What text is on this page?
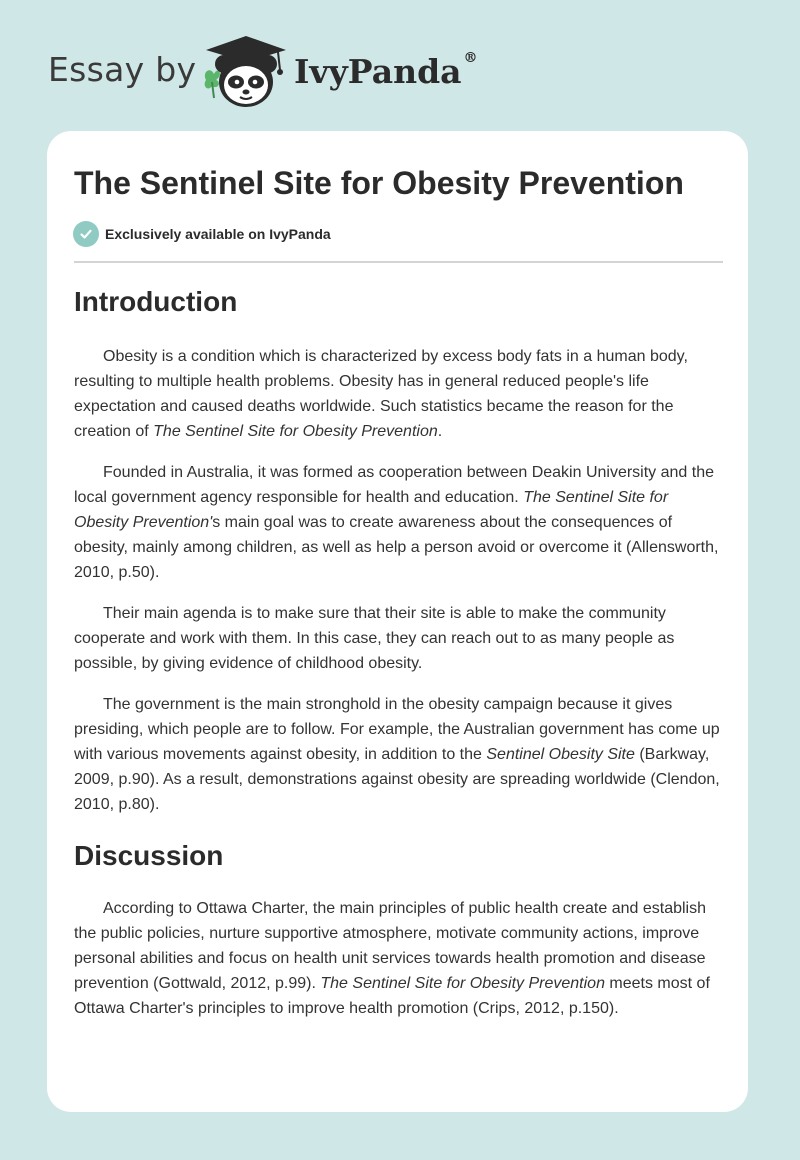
Essay by	IvyPanda ®
The Sentinel Site for Obesity Prevention
Exclusively available on IvyPanda
Introduction

Obesity is a condition which is characterized by excess body fats in a human body, resulting to multiple health problems. Obesity has in general reduced people's life expectation and caused deaths worldwide. Such statistics became the reason for the creation of The Sentinel Site for Obesity Prevention.

Founded in Australia, it was formed as cooperation between Deakin University and the local government agency responsible for health and education. The Sentinel Site for Obesity Prevention's main goal was to create awareness about the consequences of obesity, mainly among children, as well as help a person avoid or overcome it (Allensworth, 2010, p.50).

Their main agenda is to make sure that their site is able to make the community cooperate and work with them. In this case, they can reach out to as many people as possible, by giving evidence of childhood obesity.

The government is the main stronghold in the obesity campaign because it gives presiding, which people are to follow. For example, the Australian government has come up with various movements against obesity, in addition to the Sentinel Obesity Site (Barkway, 2009, p.90). As a result, demonstrations against obesity are spreading worldwide (Clendon, 2010, p.80).

Discussion

According to Ottawa Charter, the main principles of public health create and establish the public policies, nurture supportive atmosphere, motivate community actions, improve personal abilities and focus on health unit services towards health promotion and disease prevention (Gottwald, 2012, p.99). The Sentinel Site for Obesity Prevention meets most of Ottawa Charter's principles to improve health promotion (Crips, 2012, p.150).
